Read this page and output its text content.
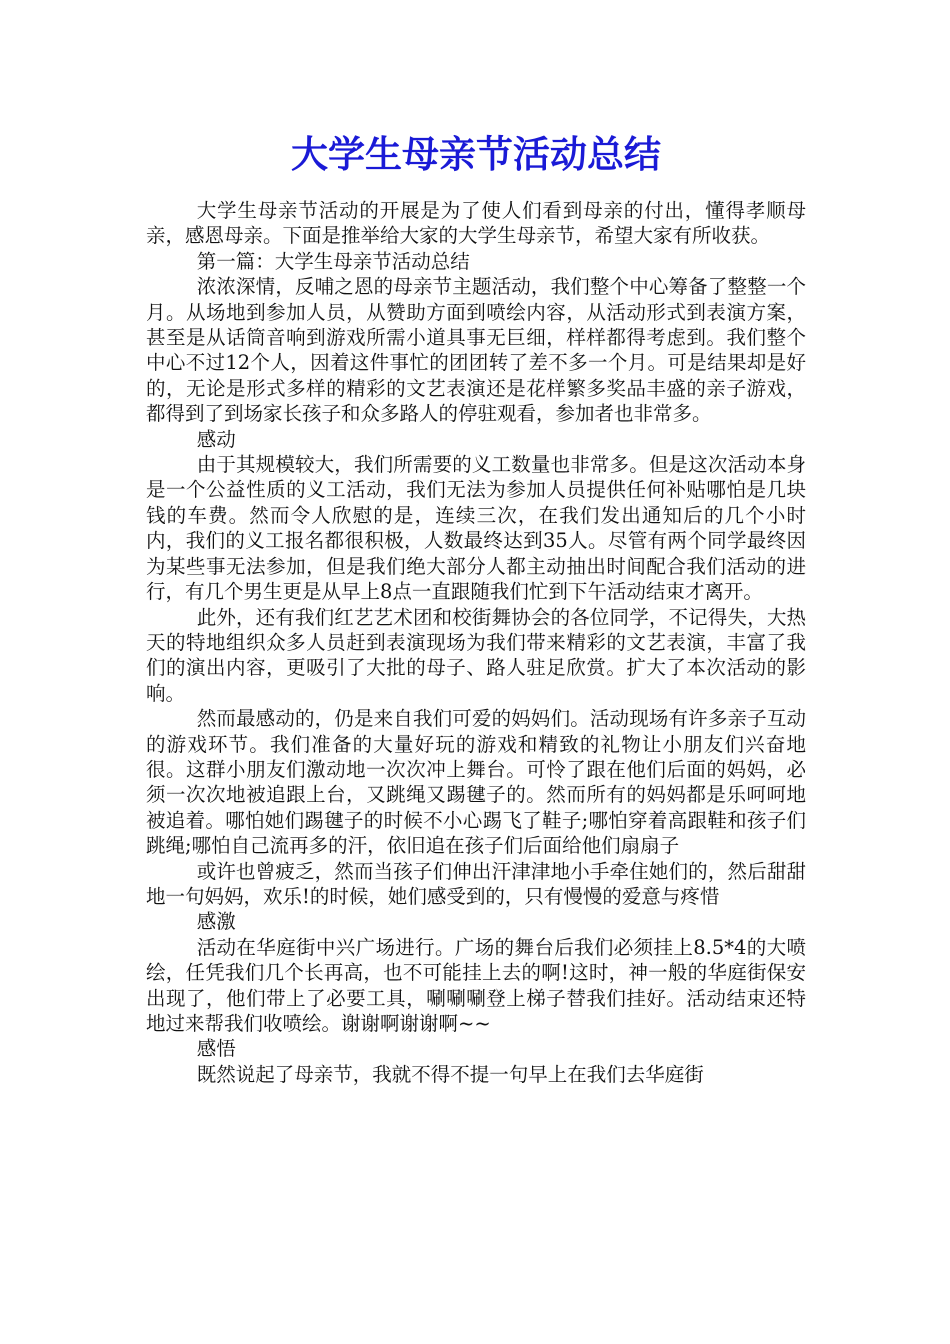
大学生母亲节活动总结

大学生母亲节活动的开展是为了使人们看到母亲的付出，懂得孝顺母亲，感恩母亲。下面是推举给大家的大学生母亲节，希望大家有所收获。

第一篇：大学生母亲节活动总结

浓浓深情，反哺之恩的母亲节主题活动，我们整个中心筹备了整整一个月。从场地到参加人员，从赞助方面到喷绘内容，从活动形式到表演方案，甚至是从话筒音响到游戏所需小道具事无巨细，样样都得考虑到。我们整个中心不过12个人，因着这件事忙的团团转了差不多一个月。可是结果却是好的，无论是形式多样的精彩的文艺表演还是花样繁多奖品丰盛的亲子游戏，都得到了到场家长孩子和众多路人的停驻观看，参加者也非常多。

感动

由于其规模较大，我们所需要的义工数量也非常多。但是这次活动本身是一个公益性质的义工活动，我们无法为参加人员提供任何补贴哪怕是几块钱的车费。然而令人欣慰的是，连续三次，在我们发出通知后的几个小时内，我们的义工报名都很积极，人数最终达到35人。尽管有两个同学最终因为某些事无法参加，但是我们绝大部分人都主动抽出时间配合我们活动的进行，有几个男生更是从早上8点一直跟随我们忙到下午活动结束才离开。

此外，还有我们红艺艺术团和校街舞协会的各位同学，不记得失，大热天的特地组织众多人员赶到表演现场为我们带来精彩的文艺表演，丰富了我们的演出内容，更吸引了大批的母子、路人驻足欣赏。扩大了本次活动的影响。

然而最感动的，仍是来自我们可爱的妈妈们。活动现场有许多亲子互动的游戏环节。我们准备的大量好玩的游戏和精致的礼物让小朋友们兴奋地很。这群小朋友们激动地一次次冲上舞台。可怜了跟在他们后面的妈妈，必须一次次地被追跟上台，又跳绳又踢毽子的。然而所有的妈妈都是乐呵呵地被追着。哪怕她们踢毽子的时候不小心踢飞了鞋子;哪怕穿着高跟鞋和孩子们跳绳;哪怕自己流再多的汗，依旧追在孩子们后面给他们扇扇子

或许也曾疲乏，然而当孩子们伸出汗津津地小手牵住她们的，然后甜甜地一句妈妈，欢乐!的时候，她们感受到的，只有慢慢的爱意与疼惜

感激

活动在华庭街中兴广场进行。广场的舞台后我们必须挂上8.5*4的大喷绘，任凭我们几个长再高，也不可能挂上去的啊!这时，神一般的华庭街保安出现了，他们带上了必要工具，唰唰唰登上梯子替我们挂好。活动结束还特地过来帮我们收喷绘。谢谢啊谢谢啊~~

感悟

既然说起了母亲节，我就不得不提一句早上在我们去华庭街
